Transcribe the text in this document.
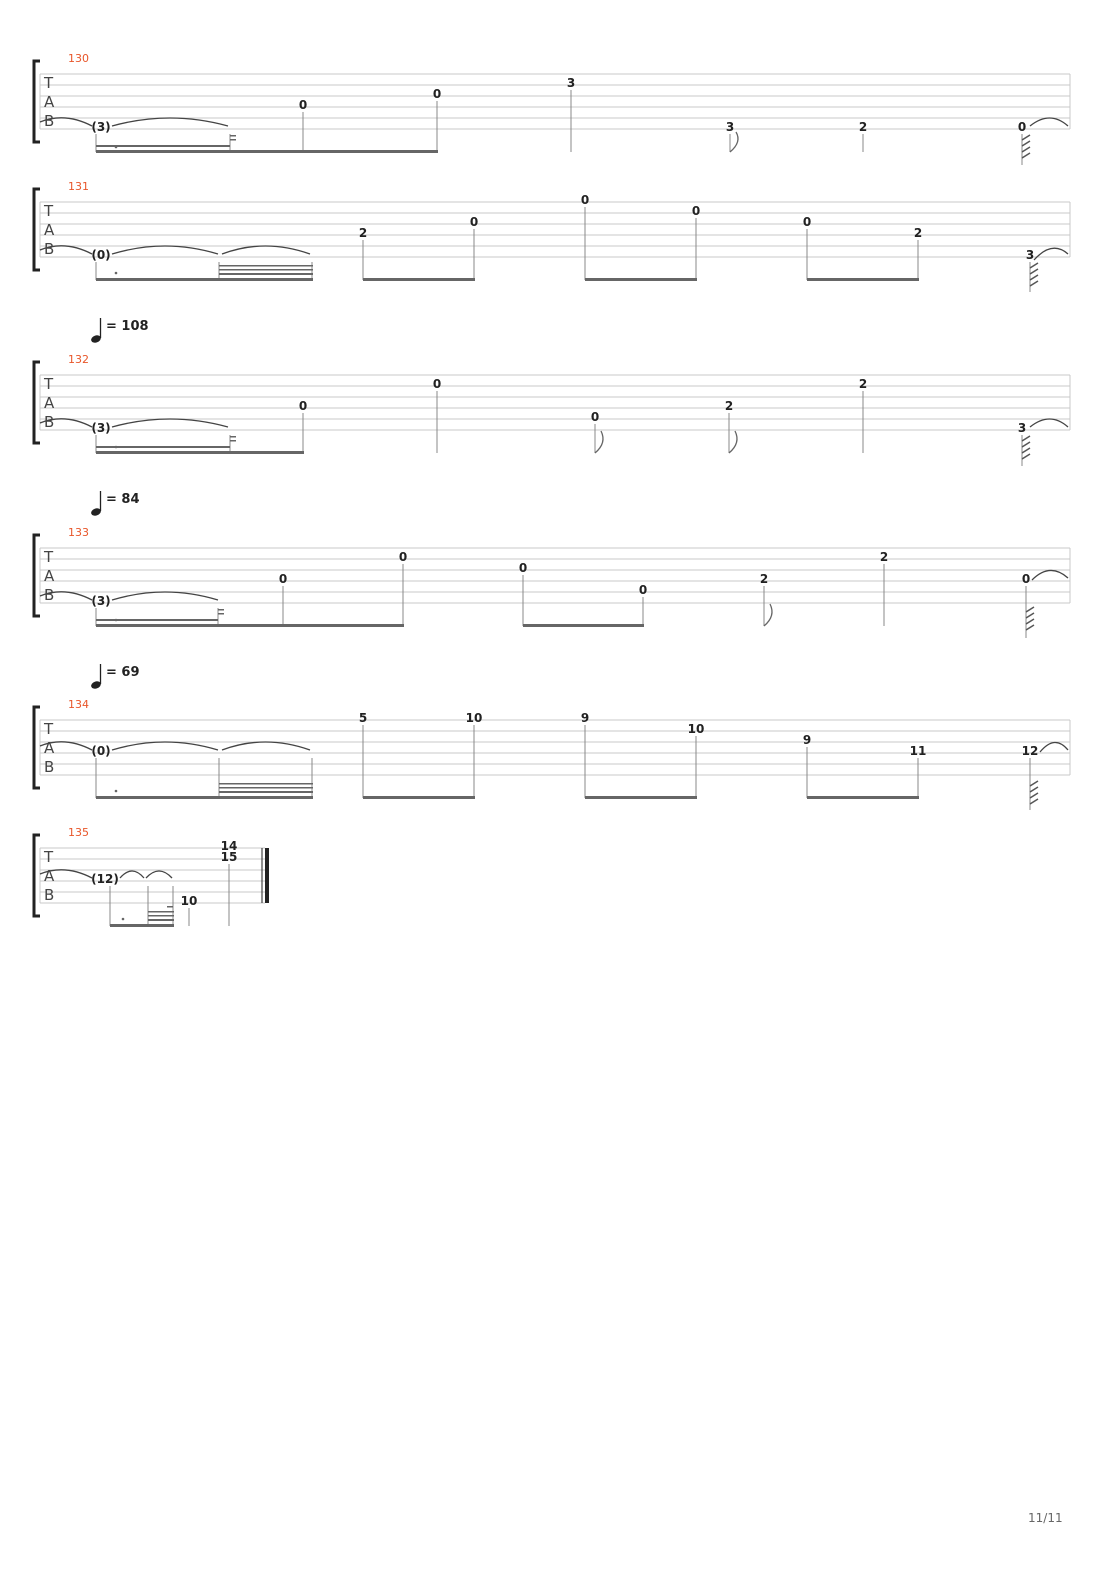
130
T
A
B	(3)
0
0
3
3	2	0
131
T
A
B	(0)
2
0
0
0
0
2
3
= 108
132
T
A
B	(3)
0
0
0
2
2
3
= 84
133
T
A
B	(3)
0
0
0
0
2
2
0
= 69
134
T
A
B
(0)
5	10	9
10
9
11	12
135
T
A
B
(12)
10
14
15
11/11
